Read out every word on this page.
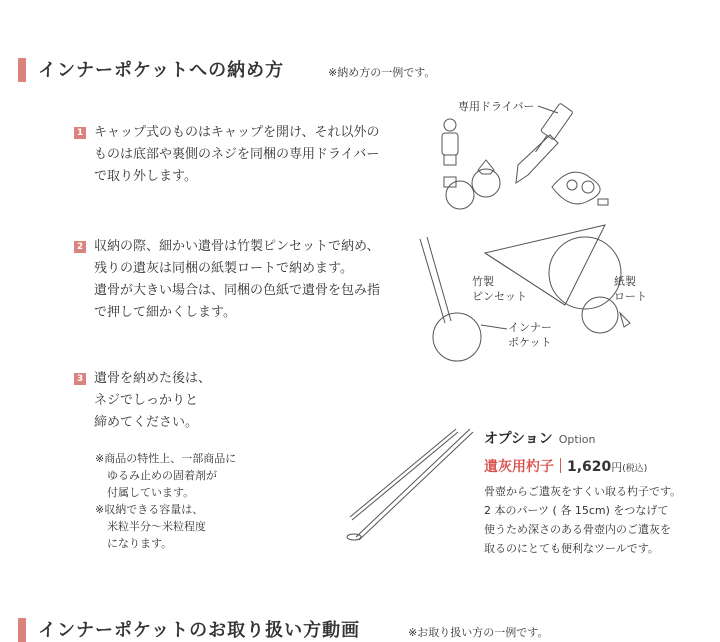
インナーポケットへの納め方	※納め方の一例です。
1 キャップ式のものはキャップを開け、それ以外の
ものは底部や裏側のネジを同梱の専用ドライバー
で取り外します。
2 収納の際、細かい遺骨は竹製ピンセットで納め、
残りの遺灰は同梱の紙製ロートで納めます。
遺骨が大きい場合は、同梱の色紙で遺骨を包み指
で押して細かくします。
3 遺骨を納めた後は、
ネジでしっかりと
締めてください。
※商品の特性上、一部商品に
ゆるみ止めの固着剤が
付属しています。
※収納できる容量は、
米粒半分〜米粒程度
になります。
専用ドライバー
竹製
ピンセット
紙製
ロート
インナー
ポケット
オプション Option
遺灰用杓子 1,620円(税込)
骨壺からご遺灰をすくい取る杓子です。
2 本のパーツ ( 各 15cm) をつなげて
使うため深さのある骨壺内のご遺灰を
取るのにとても便利なツールです。
インナーポケットのお取り扱い方動画	※お取り扱い方の一例です。
